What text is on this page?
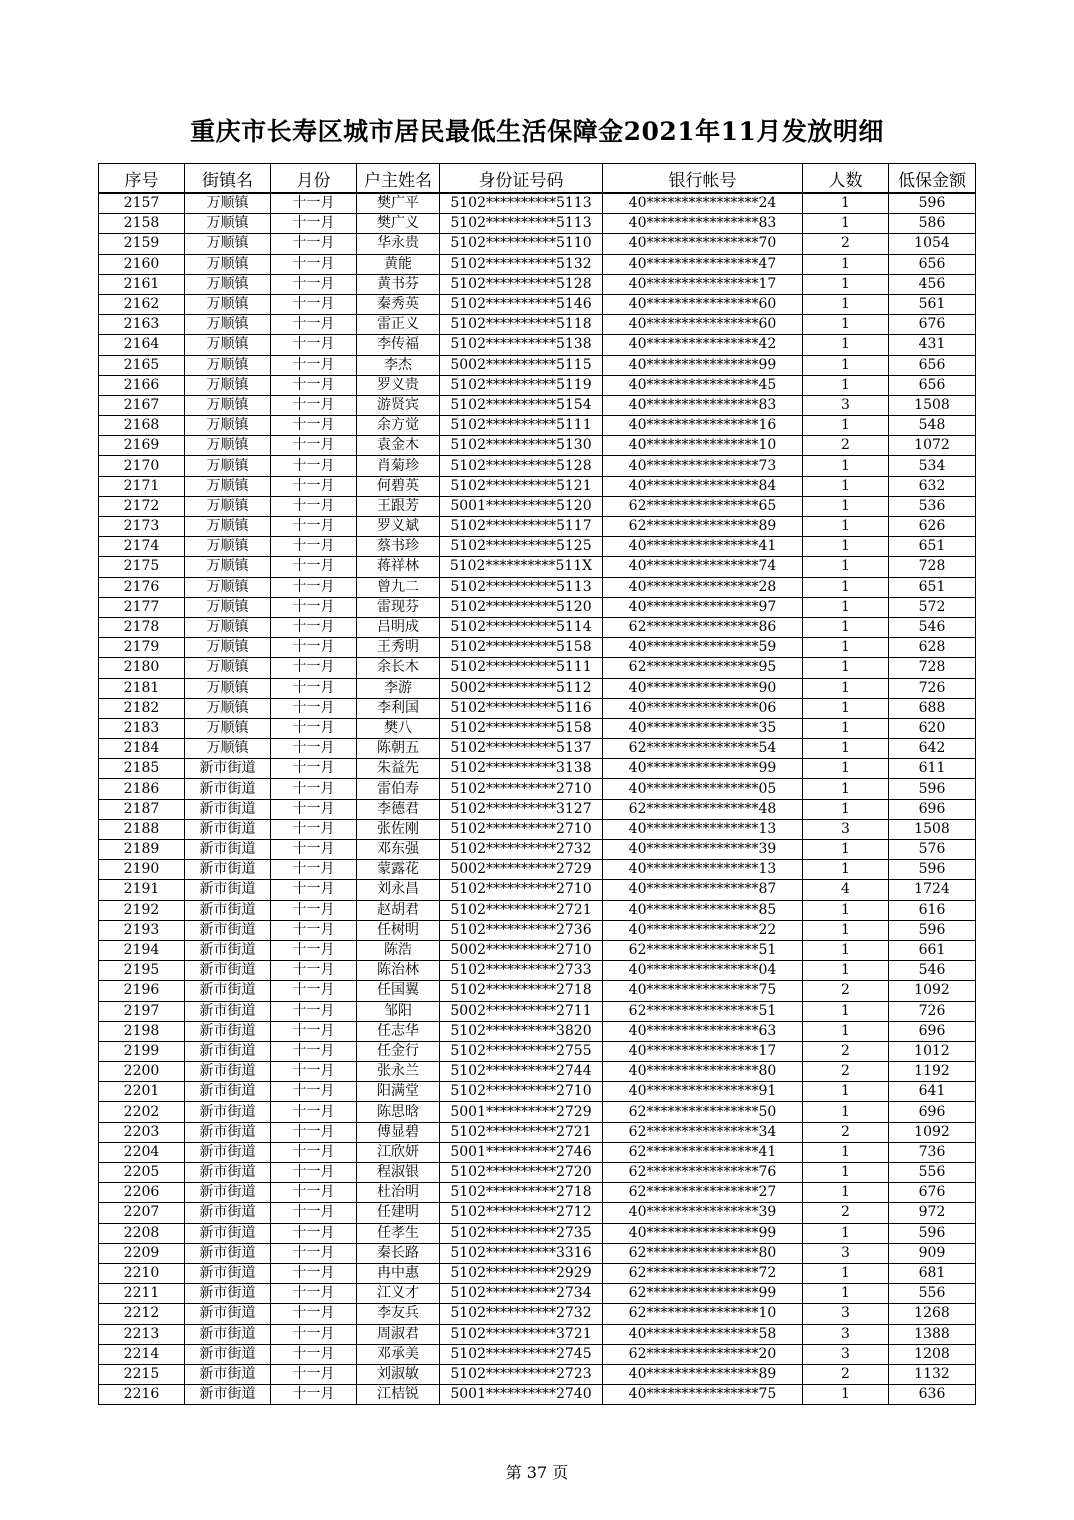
重庆市长寿区城市居民最低生活保障金2021年11月发放明细
序号	街镇名	月份	户主姓名	身份证号码	银行帐号	人数	低保金额
2157	万顺镇	十一月	樊广平	5102**********5113	40****************24	1	596
2158	万顺镇	十一月	樊广义	5102**********5113	40****************83	1	586
2159	万顺镇	十一月	华永贵	5102**********5110	40****************70	2	1054
2160	万顺镇	十一月	黄能	5102**********5132	40****************47	1	656
2161	万顺镇	十一月	黄书芬	5102**********5128	40****************17	1	456
2162	万顺镇	十一月	秦秀英	5102**********5146	40****************60	1	561
2163	万顺镇	十一月	雷正义	5102**********5118	40****************60	1	676
2164	万顺镇	十一月	李传福	5102**********5138	40****************42	1	431
2165	万顺镇	十一月	李杰	5002**********5115	40****************99	1	656
2166	万顺镇	十一月	罗义贵	5102**********5119	40****************45	1	656
2167	万顺镇	十一月	游贤宾	5102**********5154	40****************83	3	1508
2168	万顺镇	十一月	余方觉	5102**********5111	40****************16	1	548
2169	万顺镇	十一月	袁金木	5102**********5130	40****************10	2	1072
2170	万顺镇	十一月	肖菊珍	5102**********5128	40****************73	1	534
2171	万顺镇	十一月	何碧英	5102**********5121	40****************84	1	632
2172	万顺镇	十一月	王跟芳	5001**********5120	62****************65	1	536
2173	万顺镇	十一月	罗义斌	5102**********5117	62****************89	1	626
2174	万顺镇	十一月	蔡书珍	5102**********5125	40****************41	1	651
2175	万顺镇	十一月	蒋祥林	5102**********511X	40****************74	1	728
2176	万顺镇	十一月	曾九二	5102**********5113	40****************28	1	651
2177	万顺镇	十一月	雷现芬	5102**********5120	40****************97	1	572
2178	万顺镇	十一月	吕明成	5102**********5114	62****************86	1	546
2179	万顺镇	十一月	王秀明	5102**********5158	40****************59	1	628
2180	万顺镇	十一月	余长木	5102**********5111	62****************95	1	728
2181	万顺镇	十一月	李游	5002**********5112	40****************90	1	726
2182	万顺镇	十一月	李利国	5102**********5116	40****************06	1	688
2183	万顺镇	十一月	樊八	5102**********5158	40****************35	1	620
2184	万顺镇	十一月	陈朝五	5102**********5137	62****************54	1	642
2185	新市街道	十一月	朱益先	5102**********3138	40****************99	1	611
2186	新市街道	十一月	雷伯寿	5102**********2710	40****************05	1	596
2187	新市街道	十一月	李德君	5102**********3127	62****************48	1	696
2188	新市街道	十一月	张佐刚	5102**********2710	40****************13	3	1508
2189	新市街道	十一月	邓东强	5102**********2732	40****************39	1	576
2190	新市街道	十一月	蒙露花	5002**********2729	40****************13	1	596
2191	新市街道	十一月	刘永昌	5102**********2710	40****************87	4	1724
2192	新市街道	十一月	赵胡君	5102**********2721	40****************85	1	616
2193	新市街道	十一月	任树明	5102**********2736	40****************22	1	596
2194	新市街道	十一月	陈浩	5002**********2710	62****************51	1	661
2195	新市街道	十一月	陈治林	5102**********2733	40****************04	1	546
2196	新市街道	十一月	任国翼	5102**********2718	40****************75	2	1092
2197	新市街道	十一月	邹阳	5002**********2711	62****************51	1	726
2198	新市街道	十一月	任志华	5102**********3820	40****************63	1	696
2199	新市街道	十一月	任金行	5102**********2755	40****************17	2	1012
2200	新市街道	十一月	张永兰	5102**********2744	40****************80	2	1192
2201	新市街道	十一月	阳满堂	5102**********2710	40****************91	1	641
2202	新市街道	十一月	陈思晗	5001**********2729	62****************50	1	696
2203	新市街道	十一月	傅显碧	5102**********2721	62****************34	2	1092
2204	新市街道	十一月	江欣妍	5001**********2746	62****************41	1	736
2205	新市街道	十一月	程淑银	5102**********2720	62****************76	1	556
2206	新市街道	十一月	杜治明	5102**********2718	62****************27	1	676
2207	新市街道	十一月	任建明	5102**********2712	40****************39	2	972
2208	新市街道	十一月	任孝生	5102**********2735	40****************99	1	596
2209	新市街道	十一月	秦长路	5102**********3316	62****************80	3	909
2210	新市街道	十一月	冉中惠	5102**********2929	62****************72	1	681
2211	新市街道	十一月	江义才	5102**********2734	62****************99	1	556
2212	新市街道	十一月	李友兵	5102**********2732	62****************10	3	1268
2213	新市街道	十一月	周淑君	5102**********3721	40****************58	3	1388
2214	新市街道	十一月	邓承美	5102**********2745	62****************20	3	1208
2215	新市街道	十一月	刘淑敏	5102**********2723	40****************89	2	1132
2216	新市街道	十一月	江桔锐	5001**********2740	40****************75	1	636
第 37 页
